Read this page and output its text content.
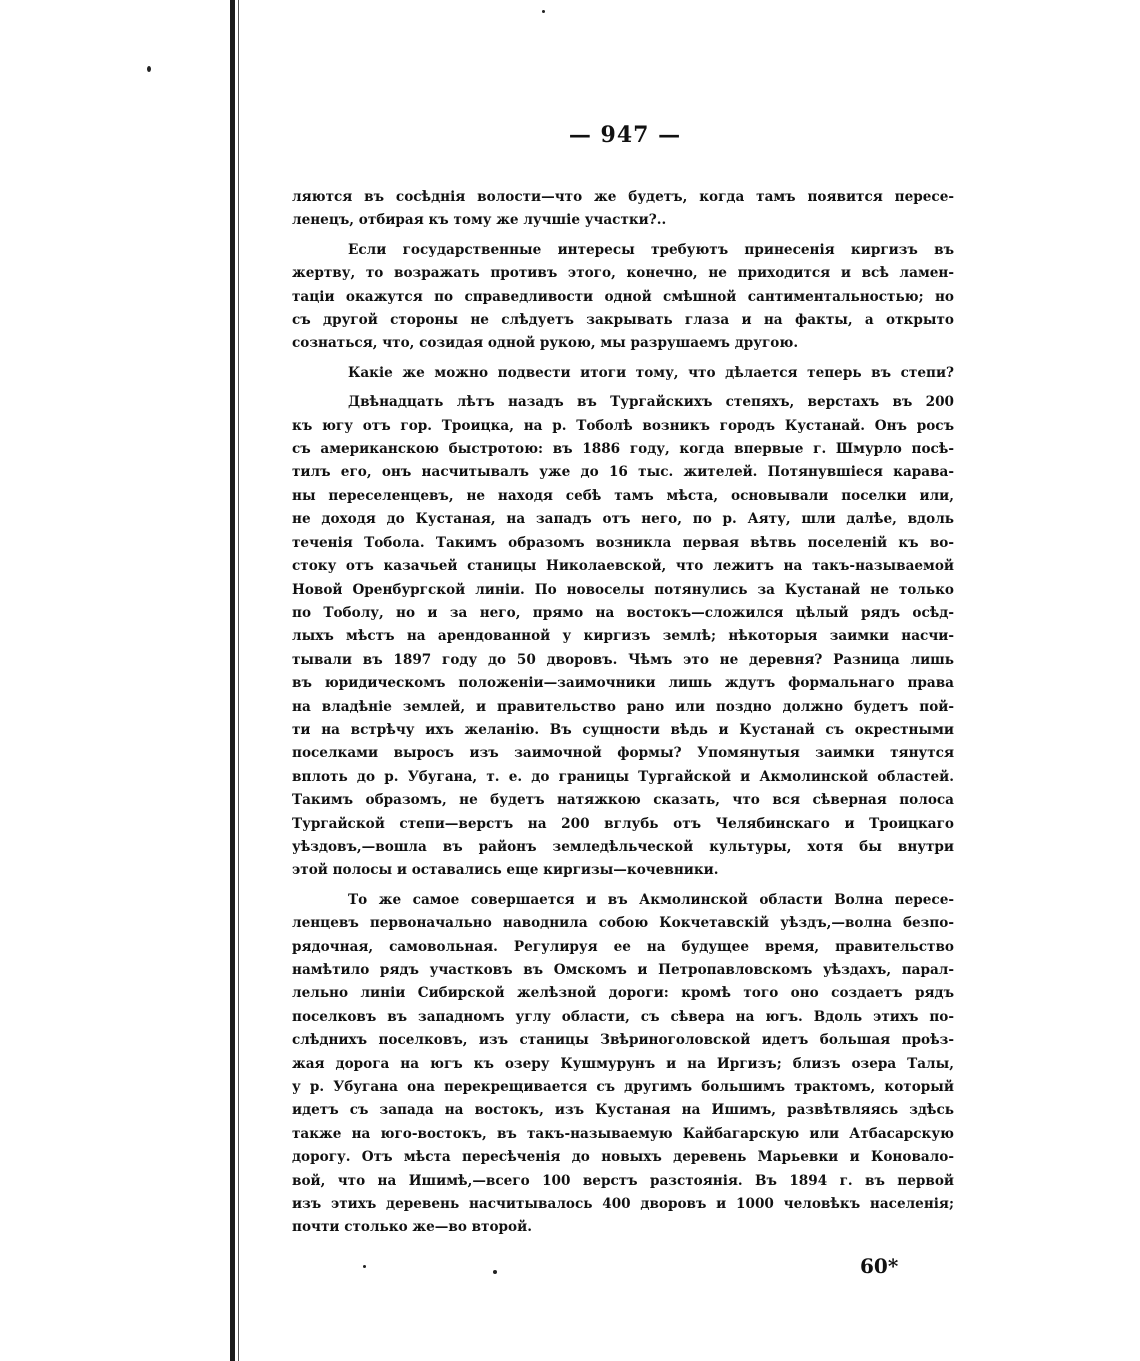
— 947 —
ляются въ сосѣднія волости—что же будетъ, когда тамъ появится пересе-
ленецъ, отбирая къ тому же лучшіе участки?..
Если государственные интересы требуютъ принесенія киргизъ въ
жертву, то возражать противъ этого, конечно, не приходится и всѣ ламен-
таціи окажутся по справедливости одной смѣшной сантиментальностью; но
съ другой стороны не слѣдуетъ закрывать глаза и на факты, а открыто
сознаться, что, созидая одной рукою, мы разрушаемъ другою.
Какіе же можно подвести итоги тому, что дѣлается теперь въ степи?
Двѣнадцать лѣтъ назадъ въ Тургайскихъ степяхъ, верстахъ въ 200
къ югу отъ гор. Троицка, на р. Тоболѣ возникъ городъ Кустанай. Онъ росъ
съ американскою быстротою: въ 1886 году, когда впервые г. Шмурло посѣ-
тилъ его, онъ насчитывалъ уже до 16 тыс. жителей. Потянувшіеся карава-
ны переселенцевъ, не находя себѣ тамъ мѣста, основывали поселки или,
не доходя до Кустаная, на западъ отъ него, по р. Аяту, шли далѣе, вдоль
теченія Тобола. Такимъ образомъ возникла первая вѣтвь поселеній къ во-
стоку отъ казачьей станицы Николаевской, что лежитъ на такъ-называемой
Новой Оренбургской линіи. По новоселы потянулись за Кустанай не только
по Тоболу, но и за него, прямо на востокъ—сложился цѣлый рядъ осѣд-
лыхъ мѣстъ на арендованной у киргизъ землѣ; нѣкоторыя заимки насчи-
тывали въ 1897 году до 50 дворовъ. Чѣмъ это не деревня? Разница лишь
въ юридическомъ положеніи—заимочники лишь ждутъ формальнаго права
на владѣніе землей, и правительство рано или поздно должно будетъ пой-
ти на встрѣчу ихъ желанію. Въ сущности вѣдь и Кустанай съ окрестными
поселками выросъ изъ заимочной формы? Упомянутыя заимки тянутся
вплоть до р. Убугана, т. е. до границы Тургайской и Акмолинской областей.
Такимъ образомъ, не будетъ натяжкою сказать, что вся сѣверная полоса
Тургайской степи—верстъ на 200 вглубь отъ Челябинскаго и Троицкаго
уѣздовъ,—вошла въ районъ земледѣльческой культуры, хотя бы внутри
этой полосы и оставались еще киргизы—кочевники.
То же самое совершается и въ Акмолинской области Волна пересе-
ленцевъ первоначально наводнила собою Кокчетавскій уѣздъ,—волна безпо-
рядочная, самовольная. Регулируя ее на будущее время, правительство
намѣтило рядъ участковъ въ Омскомъ и Петропавловскомъ уѣздахъ, парал-
лельно линіи Сибирской желѣзной дороги: кромѣ того оно создаетъ рядъ
поселковъ въ западномъ углу области, съ сѣвера на югъ. Вдоль этихъ по-
слѣднихъ поселковъ, изъ станицы Звѣриноголовской идетъ большая проѣз-
жая дорога на югъ къ озеру Кушмурунъ и на Иргизъ; близъ озера Талы,
у р. Убугана она перекрещивается съ другимъ большимъ трактомъ, который
идетъ съ запада на востокъ, изъ Кустаная на Ишимъ, развѣтвляясь здѣсь
также на юго-востокъ, въ такъ-называемую Кайбагарскую или Атбасарскую
дорогу. Отъ мѣста пересѣченія до новыхъ деревень Марьевки и Коновало-
вой, что на Ишимѣ,—всего 100 верстъ разстоянія. Въ 1894 г. въ первой
изъ этихъ деревень насчитывалось 400 дворовъ и 1000 человѣкъ населенія;
почти столько же—во второй.
60*
